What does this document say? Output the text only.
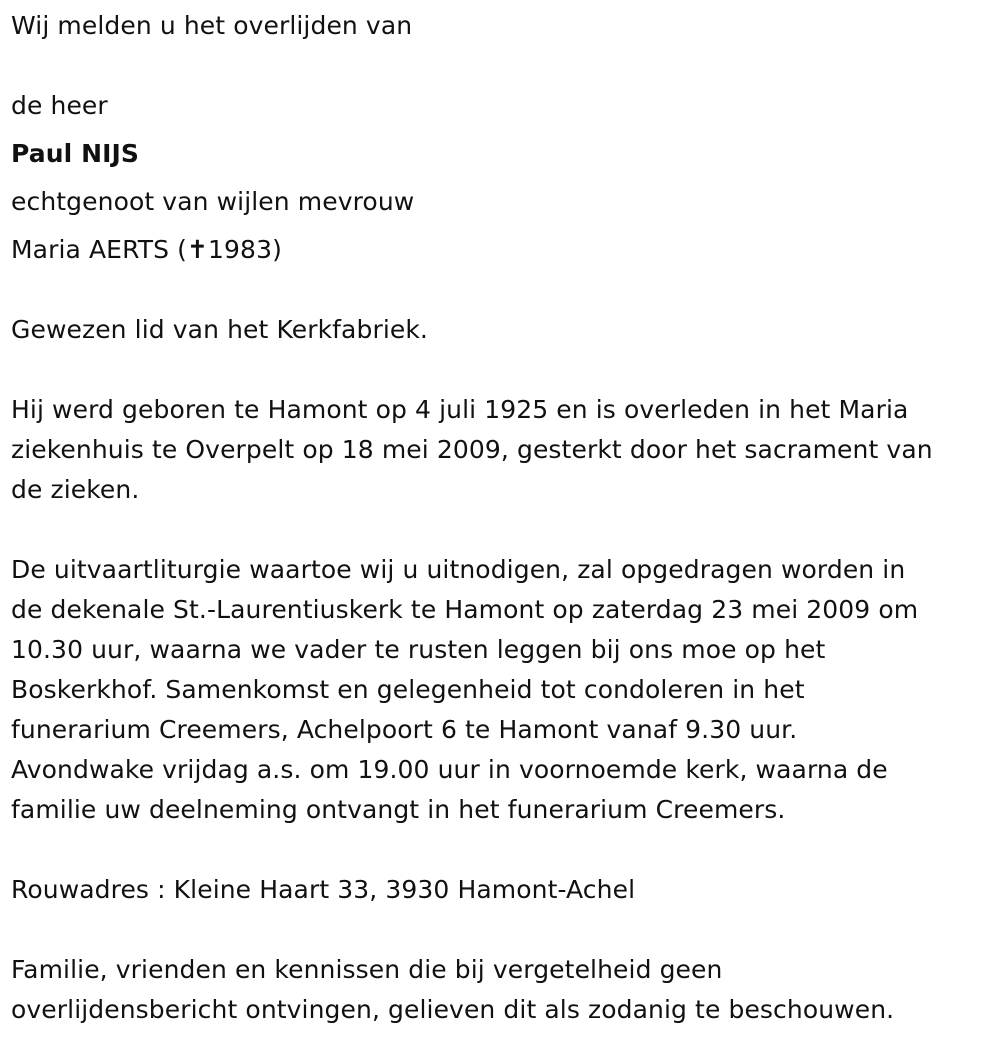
Wij melden u het overlijden van

de heer

Paul NIJS

echtgenoot van wijlen mevrouw

Maria AERTS (✝1983)

Gewezen lid van het Kerkfabriek.

Hij werd geboren te Hamont op 4 juli 1925 en is overleden in het Maria
ziekenhuis te Overpelt op 18 mei 2009, gesterkt door het sacrament van
de zieken.

De uitvaartliturgie waartoe wij u uitnodigen, zal opgedragen worden in
de dekenale St.-Laurentiuskerk te Hamont op zaterdag 23 mei 2009 om
10.30 uur, waarna we vader te rusten leggen bij ons moe op het
Boskerkhof. Samenkomst en gelegenheid tot condoleren in het
funerarium Creemers, Achelpoort 6 te Hamont vanaf 9.30 uur.
Avondwake vrijdag a.s. om 19.00 uur in voornoemde kerk, waarna de
familie uw deelneming ontvangt in het funerarium Creemers.

Rouwadres : Kleine Haart 33, 3930 Hamont-Achel

Familie, vrienden en kennissen die bij vergetelheid geen
overlijdensbericht ontvingen, gelieven dit als zodanig te beschouwen.
